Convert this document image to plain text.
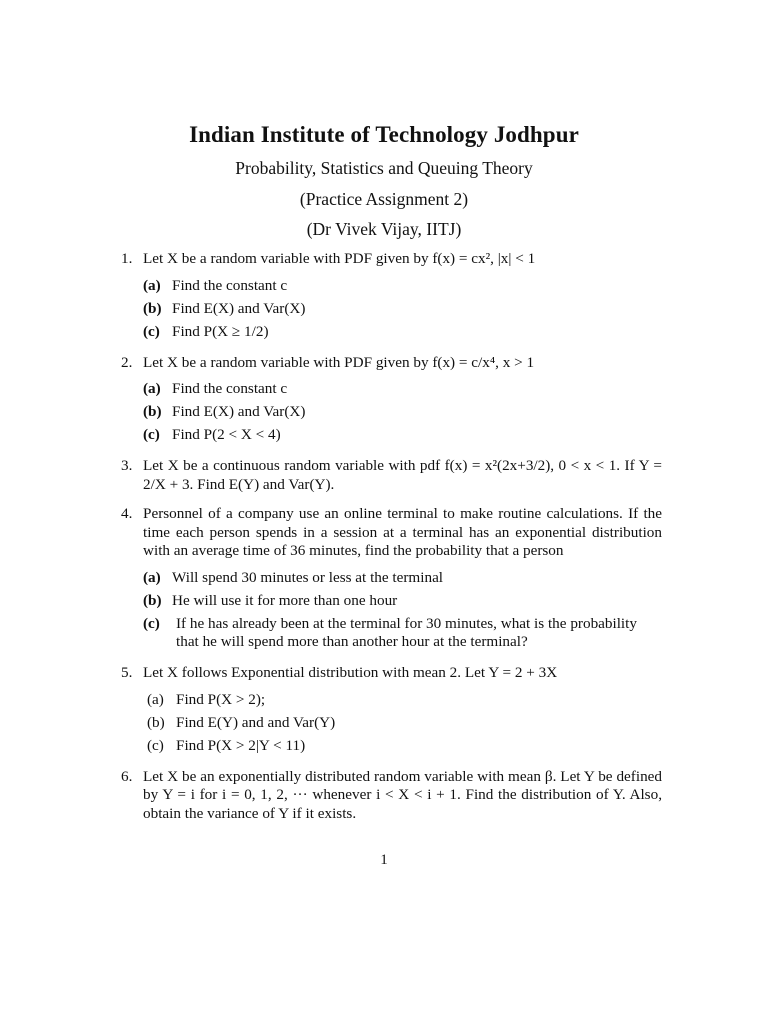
Indian Institute of Technology Jodhpur
Probability, Statistics and Queuing Theory
(Practice Assignment 2)
(Dr Vivek Vijay, IITJ)
1. Let X be a random variable with PDF given by f(x) = cx², |x| < 1
(a) Find the constant c
(b) Find E(X) and Var(X)
(c) Find P(X ≥ 1/2)
2. Let X be a random variable with PDF given by f(x) = c/x⁴, x > 1
(a) Find the constant c
(b) Find E(X) and Var(X)
(c) Find P(2 < X < 4)
3. Let X be a continuous random variable with pdf f(x) = x²(2x+3/2), 0 < x < 1. If Y = 2/X + 3. Find E(Y) and Var(Y).
4. Personnel of a company use an online terminal to make routine calculations. If the time each person spends in a session at a terminal has an exponential distribution with an average time of 36 minutes, find the probability that a person
(a) Will spend 30 minutes or less at the terminal
(b) He will use it for more than one hour
(c) If he has already been at the terminal for 30 minutes, what is the probability that he will spend more than another hour at the terminal?
5. Let X follows Exponential distribution with mean 2. Let Y = 2 + 3X
(a) Find P(X > 2);
(b) Find E(Y) and and Var(Y)
(c) Find P(X > 2|Y < 11)
6. Let X be an exponentially distributed random variable with mean β. Let Y be defined by Y = i for i = 0, 1, 2, ··· whenever i < X < i + 1. Find the distribution of Y. Also, obtain the variance of Y if it exists.
1
